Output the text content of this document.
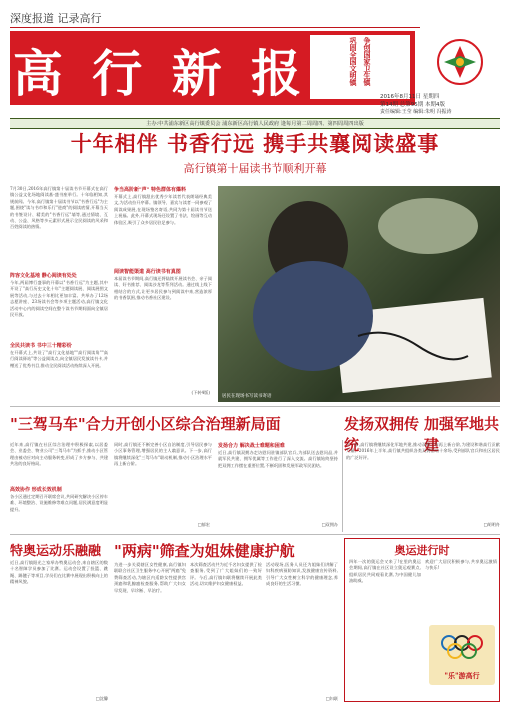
深度报道 记录高行
高 行 新 报	巩固全国文明镇 争创国家卫生镇
2016年8月11日 星期四
第14期 总第95期 本期4版
责任编辑:王莹 编辑:朱明 冯振涛
主办:中共浦东新区高行镇委员会 浦东新区高行镇人民政府 逢每月第二周周四、第四周周四出版
十年相伴 书香行远 携手共襄阅读盛事
高行镇第十届读书节顺利开幕
7月30日,2016年高行镇第十届读书节开幕式在高行镇公益文化场地阅读基-盛书座举行。十年临相知,其规前闻。今年,高行镇第十届读书节以"书香行远"为主题,围绕"读与书市和乐行"进商"的阅读底情,开幕当天的书签设计、精美的"书香行远"墙等,通过情境、互动、公益、风格等多元素形式展示全民阅读的风采和百姓阅读的热情。
阵容文化基地 静心阅读有处处
今年,两届博行盛事的开幕以"书香行远"为主题,其中开设了"高行历史文化十年"主题阅读展、阅读展图文展等活动,与过去十年相比更加丰富。共举办了12场志愿讲座、23场读书会等多项主题活动,高行镇文化活动中心内的阅读空间在整个读书节期间面向全镇居民开放。
全民共读书 书中三十精彩纷
在开幕式上,共设了"高行文化基地""高行阅读角""高行阅读驿站"等公益阅读点,向全镇居民发放读书卡,并赠送了优秀书目,推动全民阅读活动持续深入开展。
争当高阶新"声" 特色群体有爆料
开幕式上,高行镇派出优秀少年读者代表朗诵经典美文,为活动拉开序幕。镇领导、嘉宾与读者一同参观了阅读成果展,在现场签名寄语,共同为第十届读书节送上祝福。此外,开幕式现场还设置了书法、绘画等互动体验区,吸引了众多居民驻足参与。
阅读智能渠道 高行读书有真图
本届读书节期间,高行镇还将陆续开展读书会、亲子阅读、好书推荐、阅读沙龙等系列活动。通过线上线下相结合的方式,让更多居民参与到阅读中来,营造浓厚的书香氛围,推动书香社区建设。
(下转4版)
居民在现场书写读书寄语
"三驾马车"合力开创小区综合治理新局面
近年来,高行镇在社区综合治理中积极探索,以居委会、业委会、物业公司"三驾马车"为抓手,推动小区管理由被动应对向主动服务转变,形成了多方参与、共建共治的良好格局。
高效协作 形成长效机制
各小区通过定期召开联席会议,共同研究解决小区停车难、环境整治、设施维修等难点问题,居民满意度明显提升。
同时,高行镇还不断完善小区自治制度,引导居民参与小区事务管理,增强居民的主人翁意识。下一步,高行镇将继续深化"三驾马车"联动机制,推动小区治理水平再上新台阶。
□郁宏
发扬双拥传统
发扬合力 解决战士难题和困难
近日,高行镇双拥办走访慰问驻镇部队官兵,为部队送去慰问品,并就军民共建、拥军优属等工作进行了深入交流。高行镇始终坚持把双拥工作摆在重要位置,不断巩固和发展军政军民团结。
□双拥办
加强军地共建
下一步,高行镇将继续深化军地共建,推动双拥工作再上新台阶,为建设和谐高行贡献力量。2016年上半年,高行镇共组织各类双拥活动十余场,受到部队官兵和社区居民的广泛好评。
□胡明舟
特奥运动乐融融
近日,高行镇阳光之家举办特奥运动会,来自辖区的数十名智障学员参加了比赛。运动会设置了投篮、跳绳、踢毽子等项目,学员们在比赛中展现出积极向上的精神风貌。
□沈馨
"两病"筛查为姐妹健康护航
为进一步关爱辖区女性健康,高行镇妇联联合社区卫生服务中心开展"两癌"免费筛查活动,为辖区内适龄女性提供宫颈癌和乳腺癌检查服务,帮助广大妇女早发现、早诊断、早治疗。
本次筛查活动共为近千名妇女提供了检查服务,受到了广大姐妹们的一致好评。今后,高行镇妇联将继续开展此类活动,切实维护妇女健康权益。
活动现场,医务人员还为姐妹们讲解了妇科疾病预防知识,发放健康宣传资料,引导广大女性树立科学的健康理念,养成良好的生活习惯。
□妇联
奥运进行时
四年一次的奥运会又来了!在里约奥运会期间,高行镇在社区设立奥运观赛点,组织居民共同观看比赛,为中国健儿加油助威。
欢迎广大居民积极参与,共享奥运激情与快乐!
"乐"游高行
